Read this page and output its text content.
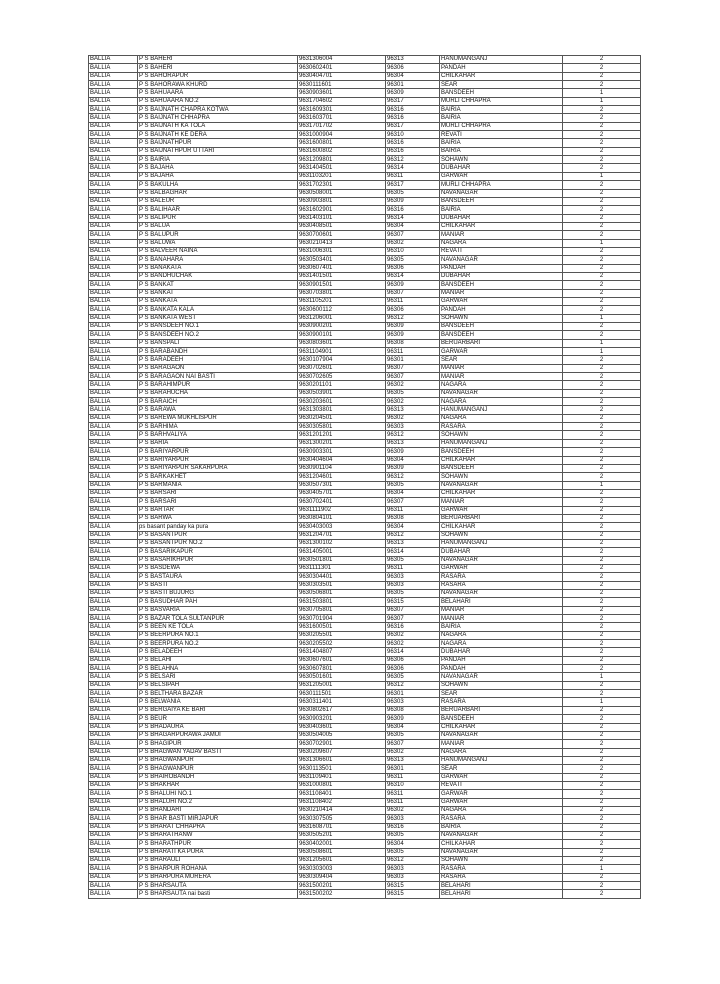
BALLIA	P S BAHERI	9631306004	96313	HANUMANGANJ	2
BALLIA	P S BAHERI	9630602401	96306	PANDAH	2
BALLIA	P S BAHORAPUR	9630404701	96304	CHILKAHAR	2
BALLIA	P S BAHORAWA KHURD	9630111601	96301	SEAR	2
BALLIA	P S BAHUAARA	9630903601	96309	BANSDEEH	1
BALLIA	P S BAHUAARA NO.2	9631704602	96317	MURLI CHHAPRA	1
BALLIA	P S BAIJNATH CHAPRA KOTWA	9631609301	96316	BAIRIA	2
BALLIA	P S BAIJNATH CHHAPRA	9631603701	96316	BAIRIA	2
BALLIA	P S BAIJNATH KA TOLA	9631701702	96317	MURLI CHHAPRA	2
BALLIA	P S BAIJNATH KE DERA	9631000904	96310	REVATI	2
BALLIA	P S BAIJNATHPUR	9631600801	96316	BAIRIA	2
BALLIA	P S BAIJNATHPUR UTTARI	9631600802	96316	BAIRIA	2
BALLIA	P S BAIRIA	9631209801	96312	SOHAWN	2
BALLIA	P S BAJAHA	9631404501	96314	DUBAHAR	2
BALLIA	P S BAJAHA	9631103201	96311	GARWAR	1
BALLIA	P S BAKULHA	9631702301	96317	MURLI CHHAPRA	2
BALLIA	P S BALBAGHAR	9630508001	96305	NAVANAGAR	2
BALLIA	P S BALEUR	9630903801	96309	BANSDEEH	2
BALLIA	P S BALIHAAR	9631602901	96316	BAIRIA	2
BALLIA	P S BALIPUR	9631403101	96314	DUBAHAR	2
BALLIA	P S BALUA	9630408501	96304	CHILKAHAR	2
BALLIA	P S BALUPUR	9630700601	96307	MANIAR	2
BALLIA	P S BALUWA	9630210413	96302	NAGARA	1
BALLIA	P S BALVEER NAINA	9631006301	96310	REVATI	2
BALLIA	P S BANAHARA	9630503401	96305	NAVANAGAR	2
BALLIA	P S BANAKATA	9630607401	96306	PANDAH	2
BALLIA	P S BANDHUCHAK	9631401501	96314	DUBAHAR	2
BALLIA	P S BANKAT	9630901501	96309	BANSDEEH	2
BALLIA	P S BANKAT	9630703801	96307	MANIAR	2
BALLIA	P S BANKATA	9631105201	96311	GARWAR	2
BALLIA	P S BANKATA KALA	9630600112	96306	PANDAH	2
BALLIA	P S BANKATA WEST	9631206001	96312	SOHAWN	1
BALLIA	P S BANSDEEH NO.1	9630900201	96309	BANSDEEH	2
BALLIA	P S BANSDEEH NO.2	9630900101	96309	BANSDEEH	2
BALLIA	P S BANSPALI	9630803601	96308	BERUARBARI	1
BALLIA	P S BARABANDH	9631104901	96311	GARWAR	1
BALLIA	P S BARADEEH	9630107904	96301	SEAR	2
BALLIA	P S BARAGAON	9630702601	96307	MANIAR	2
BALLIA	P S BARAGAON NAI BASTI	9630702605	96307	MANIAR	2
BALLIA	P S BARAHIMPUR	9630201101	96302	NAGARA	2
BALLIA	P S BARAHUCHA	9630503901	96305	NAVANAGAR	2
BALLIA	P S BARAICH	9630203601	96302	NAGARA	2
BALLIA	P S BARAWA	9631303801	96313	HANUMANGANJ	2
BALLIA	P S BAREWA MUKHLISPUR	9630204501	96302	NAGARA	2
BALLIA	P S BARHIMA	9630305801	96303	RASARA	2
BALLIA	P S BARHVALIYA	9631201201	96312	SOHAWN	2
BALLIA	P S BARIA	9631300201	96313	HANUMANGANJ	2
BALLIA	P S BARIYARPUR	9630903301	96309	BANSDEEH	2
BALLIA	P S BARIYARPUR	9630404604	96304	CHILKAHAR	2
BALLIA	P S BARIYARPUR SAKARPURA	9630901104	96309	BANSDEEH	2
BALLIA	P S BARKAKHET	9631204601	96312	SOHAWN	2
BALLIA	P S BARMANIA	9630507301	96305	NAVANAGAR	1
BALLIA	P S BARSARI	9630405701	96304	CHILKAHAR	2
BALLIA	P S BARSARI	9630702401	96307	MANIAR	2
BALLIA	P S BARTAR	9631111902	96311	GARWAR	2
BALLIA	P S BARWA	9630804101	96308	BERUARBARI	2
BALLIA	ps basant panday ka pura	9630403003	96304	CHILKAHAR	2
BALLIA	P S BASANTPUR	9631204701	96312	SOHAWN	2
BALLIA	P S BASANTPUR NO.2	9631300102	96313	HANUMANGANJ	2
BALLIA	P S BASARIKAPUR	9631405001	96314	DUBAHAR	2
BALLIA	P S BASARIKHPUR	9630501801	96305	NAVANAGAR	2
BALLIA	P S BASDEWA	9631111301	96311	GARWAR	2
BALLIA	P S BASTAURA	9630304401	96303	RASARA	2
BALLIA	P S BASTI	9630303501	96303	RASARA	2
BALLIA	P S BASTI BUJURG	9630506801	96305	NAVANAGAR	2
BALLIA	P S BASUDHAR PAH	9631503801	96315	BELAHARI	2
BALLIA	P S BASVARIA	9630705801	96307	MANIAR	2
BALLIA	P S BAZAR TOLA SULTANPUR	9630701904	96307	MANIAR	2
BALLIA	P S BEEN KE TOLA	9631600501	96316	BAIRIA	2
BALLIA	P S BEERPURA NO.1	9630205501	96302	NAGARA	2
BALLIA	P S BEERPURA NO.2	9630205502	96302	NAGARA	2
BALLIA	P S BELADEEH	9631404807	96314	DUBAHAR	2
BALLIA	P S BELAHI	9630607601	96306	PANDAH	2
BALLIA	P S BELAHNA	9630607801	96306	PANDAH	2
BALLIA	P S BELSARI	9630501601	96305	NAVANAGAR	1
BALLIA	P S BELSIPAH	9631205001	96312	SOHAWN	2
BALLIA	P S BELTHARA BAZAR	9630111501	96301	SEAR	2
BALLIA	P S BELWANIA	9630311401	96303	RASARA	1
BALLIA	P S BERGAIYA KE BARI	9630802617	96308	BERUARBARI	2
BALLIA	P S BEUR	9630903201	96309	BANSDEEH	2
BALLIA	P S BHADAURA	9630403601	96304	CHILKAHAR	2
BALLIA	P S BHAGARPURAWA JAMUI	9630504005	96305	NAVANAGAR	2
BALLIA	P S BHAGIPUR	9630702901	96307	MANIAR	2
BALLIA	P S BHAGWAN YADAV BASTI	9630209607	96302	NAGARA	2
BALLIA	P S BHAGWANPUR	9631306601	96313	HANUMANGANJ	2
BALLIA	P S BHAGWANPUR	9630113501	96301	SEAR	2
BALLIA	P S BHAIROBANDH	9631109401	96311	GARWAR	2
BALLIA	P S BHAKHAR	9631000801	96310	REVATI	2
BALLIA	P S BHALUHI NO.1	9631108401	96311	GARWAR	2
BALLIA	P S BHALUHI NO.2	9631108402	96311	GARWAR	2
BALLIA	P S BHANDARI	9630210414	96302	NAGARA	2
BALLIA	P S BHAR BASTI MIRJAPUR	9630307505	96303	RASARA	2
BALLIA	P S BHARAT CHHAPRA	9631608701	96316	BAIRIA	2
BALLIA	P S BHARATHANW	9630505201	96305	NAVANAGAR	2
BALLIA	P S BHARATHPUR	9630402001	96304	CHILKAHAR	2
BALLIA	P S BHARATI KA PURA	9630508601	96305	NAVANAGAR	2
BALLIA	P S BHARAULI	9631205601	96312	SOHAWN	2
BALLIA	P S BHARPUR ROHANA	9630303003	96303	RASARA	1
BALLIA	P S BHARPURA MURERA	9630309404	96303	RASARA	2
BALLIA	P S BHARSAUTA	9631500201	96315	BELAHARI	2
BALLIA	P S BHARSAUTA nai basti	9631500202	96315	BELAHARI	2
